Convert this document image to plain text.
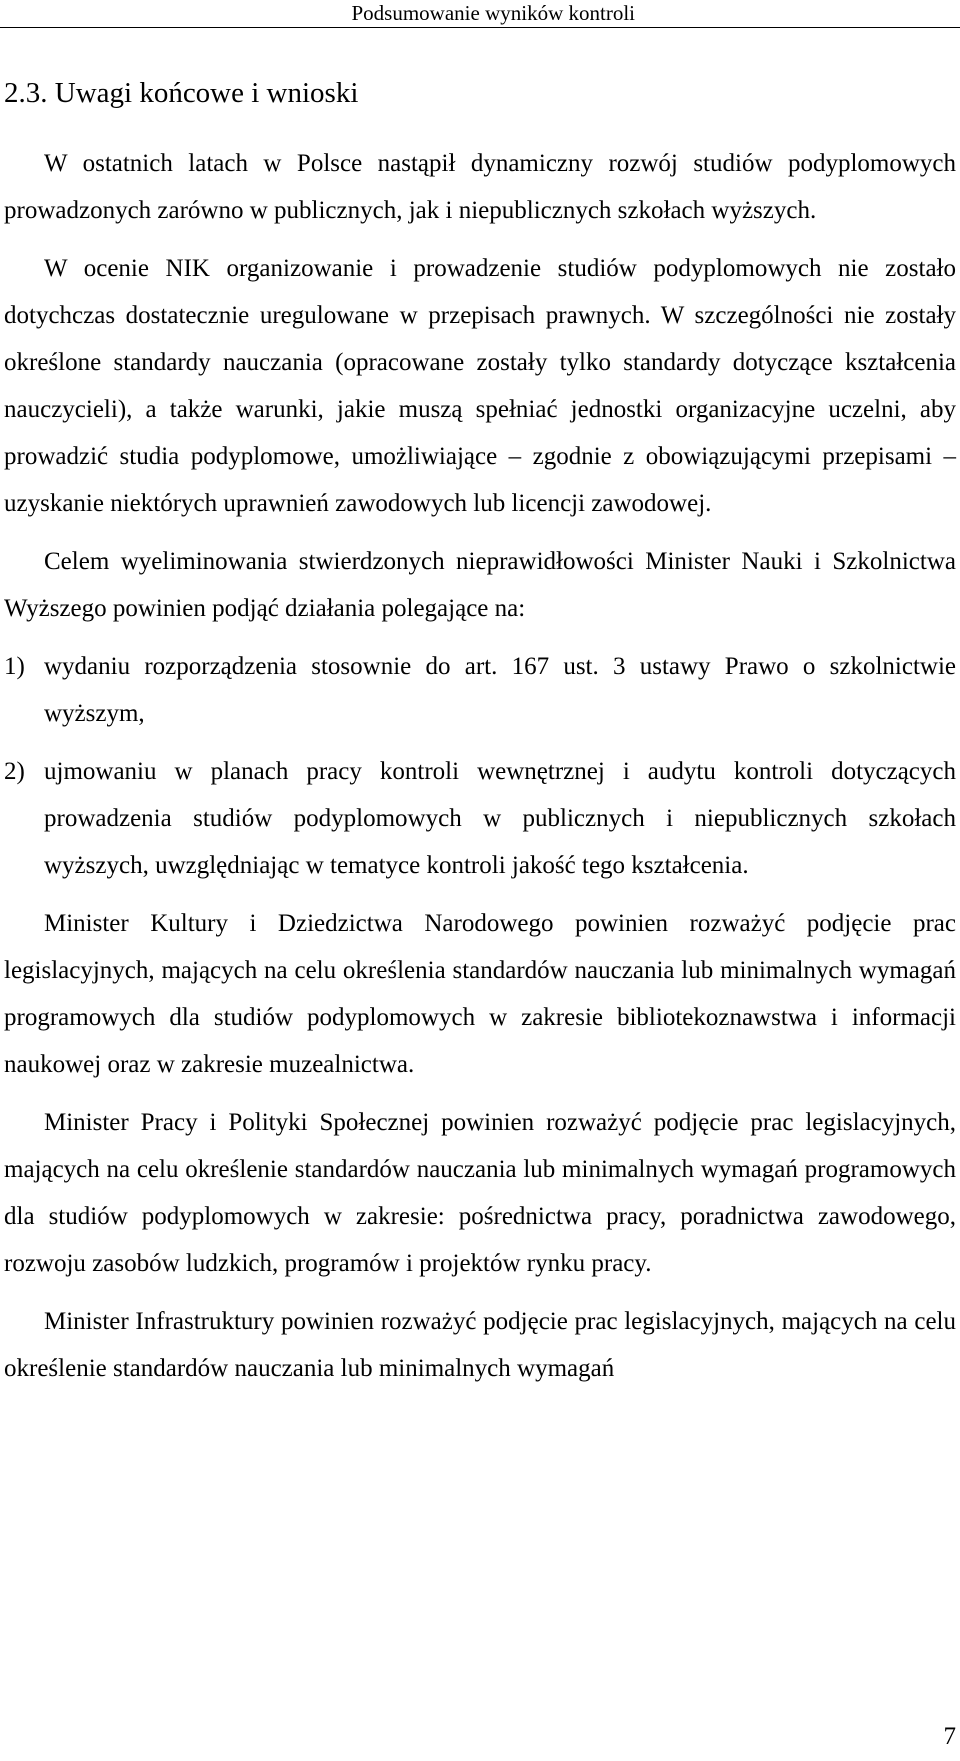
Podsumowanie wyników kontroli
2.3. Uwagi końcowe i wnioski

W ostatnich latach w Polsce nastąpił dynamiczny rozwój studiów podyplomowych prowadzonych zarówno w publicznych, jak i niepublicznych szkołach wyższych.

W ocenie NIK organizowanie i prowadzenie studiów podyplomowych nie zostało dotychczas dostatecznie uregulowane w przepisach prawnych. W szczególności nie zostały określone standardy nauczania (opracowane zostały tylko standardy dotyczące kształcenia nauczycieli), a także warunki, jakie muszą spełniać jednostki organizacyjne uczelni, aby prowadzić studia podyplomowe, umożliwiające – zgodnie z obowiązującymi przepisami – uzyskanie niektórych uprawnień zawodowych lub licencji zawodowej.

Celem wyeliminowania stwierdzonych nieprawidłowości Minister Nauki i Szkolnictwa Wyższego powinien podjąć działania polegające na:

1) wydaniu rozporządzenia stosownie do art. 167 ust. 3 ustawy Prawo o szkolnictwie wyższym,
2) ujmowaniu w planach pracy kontroli wewnętrznej i audytu kontroli dotyczących prowadzenia studiów podyplomowych w publicznych i niepublicznych szkołach wyższych, uwzględniając w tematyce kontroli jakość tego kształcenia.

Minister Kultury i Dziedzictwa Narodowego powinien rozważyć podjęcie prac legislacyjnych, mających na celu określenia standardów nauczania lub minimalnych wymagań programowych dla studiów podyplomowych w zakresie bibliotekoznawstwa i informacji naukowej oraz w zakresie muzealnictwa.

Minister Pracy i Polityki Społecznej powinien rozważyć podjęcie prac legislacyjnych, mających na celu określenie standardów nauczania lub minimalnych wymagań programowych dla studiów podyplomowych w zakresie: pośrednictwa pracy, poradnictwa zawodowego, rozwoju zasobów ludzkich, programów i projektów rynku pracy.

Minister Infrastruktury powinien rozważyć podjęcie prac legislacyjnych, mających na celu określenie standardów nauczania lub minimalnych wymagań

7
